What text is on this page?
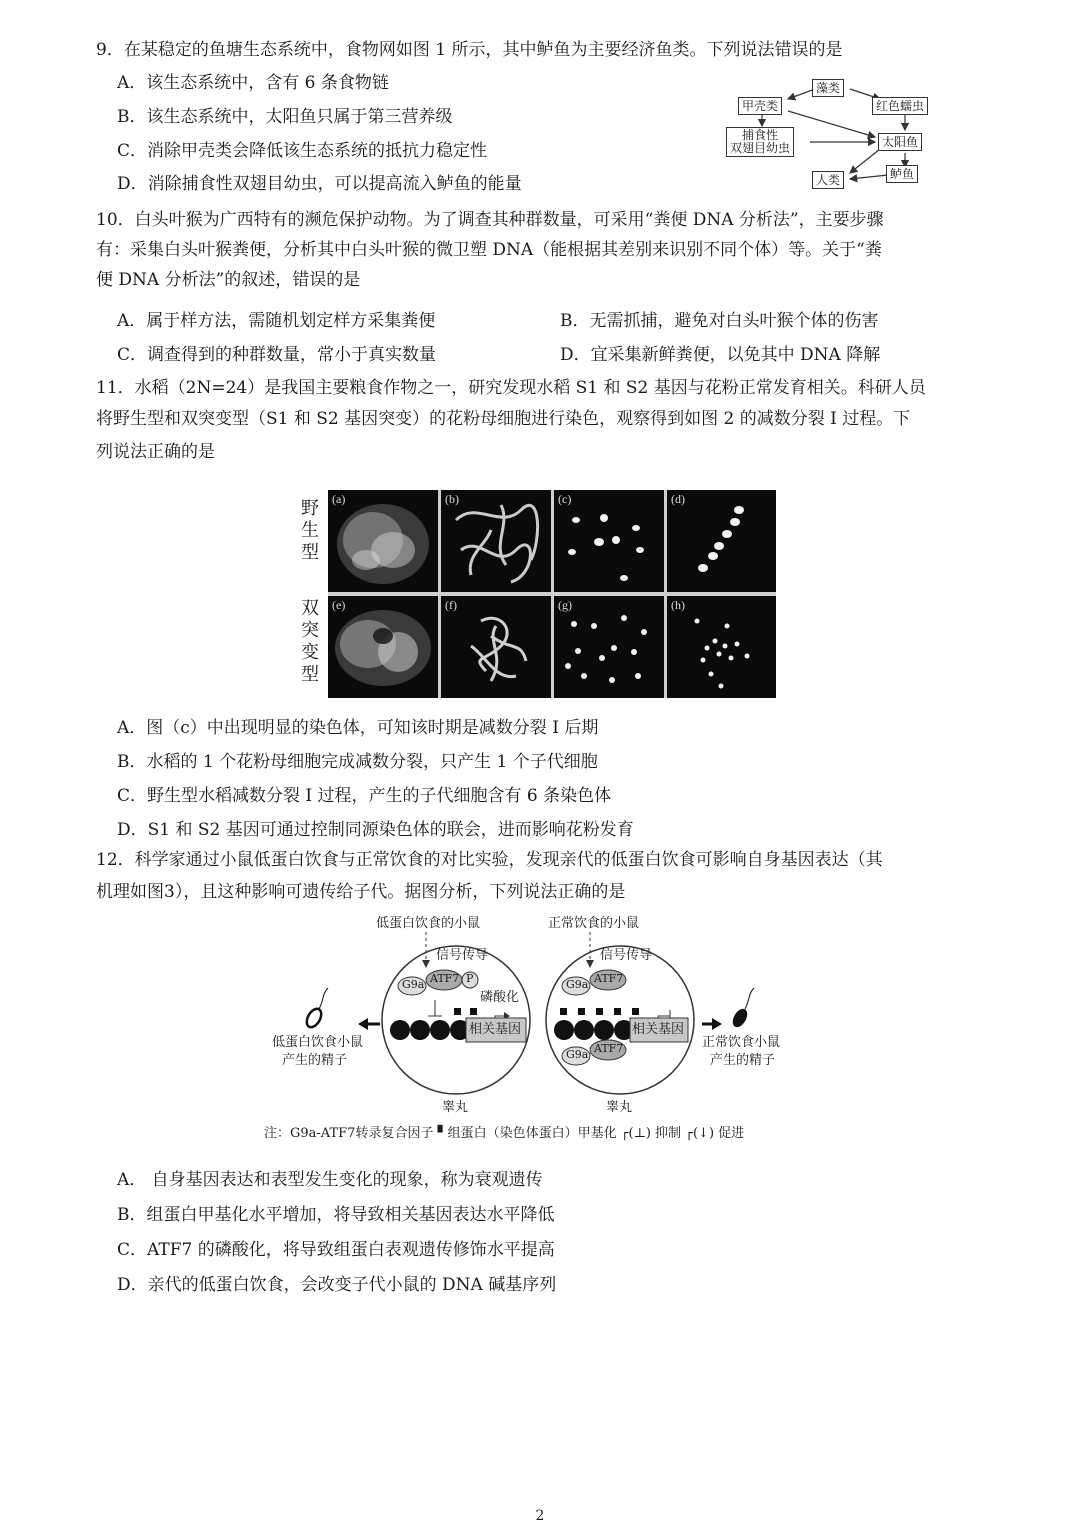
9．在某稳定的鱼塘生态系统中，食物网如图 1 所示，其中鲈鱼为主要经济鱼类。下列说法错误的是
A．该生态系统中，含有 6 条食物链
B．该生态系统中，太阳鱼只属于第三营养级
C．消除甲壳类会降低该生态系统的抵抗力稳定性
D．消除捕食性双翅目幼虫，可以提高流入鲈鱼的能量
藻类
甲壳类	红色蠕虫
捕食性
双翅目幼虫	太阳鱼
人类	鲈鱼
10．白头叶猴为广西特有的濒危保护动物。为了调查其种群数量，可采用“粪便 DNA 分析法”，主要步骤
有：采集白头叶猴粪便，分析其中白头叶猴的微卫塑 DNA（能根据其差别来识别不同个体）等。关于“粪
便 DNA 分析法”的叙述，错误的是
A．属于样方法，需随机划定样方采集粪便	B．无需抓捕，避免对白头叶猴个体的伤害
C．调查得到的种群数量，常小于真实数量	D．宜采集新鲜粪便，以免其中 DNA 降解
11．水稻（2N=24）是我国主要粮食作物之一，研究发现水稻 S1 和 S2 基因与花粉正常发育相关。科研人员
将野生型和双突变型（S1 和 S2 基因突变）的花粉母细胞进行染色，观察得到如图 2 的减数分裂 Ⅰ 过程。下
列说法正确的是
野生型
双突变型
(a)	(b)	(c)	(d)
(e)	(f)	(g)	(h)
A．图（c）中出现明显的染色体，可知该时期是减数分裂 Ⅰ 后期
B．水稻的 1 个花粉母细胞完成减数分裂，只产生 1 个子代细胞
C．野生型水稻减数分裂 Ⅰ 过程，产生的子代细胞含有 6 条染色体
D．S1 和 S2 基因可通过控制同源染色体的联会，进而影响花粉发育
12．科学家通过小鼠低蛋白饮食与正常饮食的对比实验，发现亲代的低蛋白饮食可影响自身基因表达（其
机理如图3），且这种影响可遗传给子代。据图分析，下列说法正确的是
低蛋白饮食的小鼠	正常饮食的小鼠
信号传导	信号传导
G9a ATF7 P
磷酸化
G9a ATF7
G9a ATF7
相关基因	相关基因
低蛋白饮食小鼠
产生的精子
正常饮食小鼠
产生的精子
睾丸	睾丸
注：G9a-ATF7转录复合因子 ▘组蛋白（染色体蛋白）甲基化 ┌(⊥) 抑制 ┌(↓) 促进
A． 自身基因表达和表型发生变化的现象，称为衰观遗传
B．组蛋白甲基化水平增加，将导致相关基因表达水平降低
C．ATF7 的磷酸化，将导致组蛋白表观遗传修饰水平提高
D．亲代的低蛋白饮食，会改变子代小鼠的 DNA 碱基序列
2
